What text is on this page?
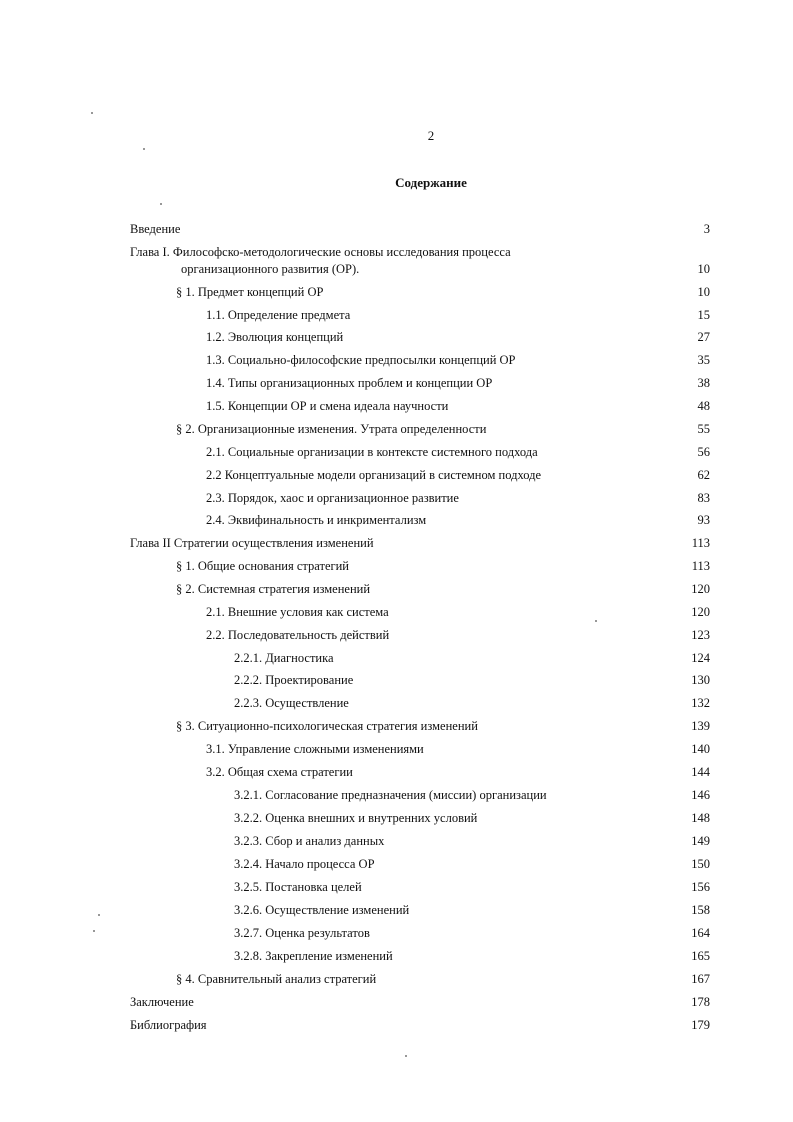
2
Содержание
Введение	3
Глава I. Философско-методологические основы исследования процесса
организационного развития (ОР).	10
§ 1. Предмет концепций ОР	10
1.1. Определение предмета	15
1.2. Эволюция концепций	27
1.3. Социально-философские предпосылки концепций ОР	35
1.4. Типы организационных проблем и концепции ОР	38
1.5. Концепции ОР и смена идеала научности	48
§ 2. Организационные изменения. Утрата определенности	55
2.1. Социальные организации в контексте системного подхода	56
2.2 Концептуальные модели организаций в системном подходе	62
2.3. Порядок, хаос и организационное развитие	83
2.4. Эквифинальность и инкриментализм	93
Глава II Стратегии осуществления изменений	113
§ 1. Общие основания стратегий	113
§ 2. Системная стратегия изменений	120
2.1. Внешние условия как система	120
2.2. Последовательность действий	123
2.2.1. Диагностика	124
2.2.2. Проектирование	130
2.2.3. Осуществление	132
§ 3. Ситуационно-психологическая стратегия изменений	139
3.1. Управление сложными изменениями	140
3.2. Общая схема стратегии	144
3.2.1. Согласование предназначения (миссии) организации	146
3.2.2. Оценка внешних и внутренних условий	148
3.2.3. Сбор и анализ данных	149
3.2.4. Начало процесса ОР	150
3.2.5. Постановка целей	156
3.2.6. Осуществление изменений	158
3.2.7. Оценка результатов	164
3.2.8. Закрепление изменений	165
§ 4. Сравнительный анализ стратегий	167
Заключение	178
Библиография	179
